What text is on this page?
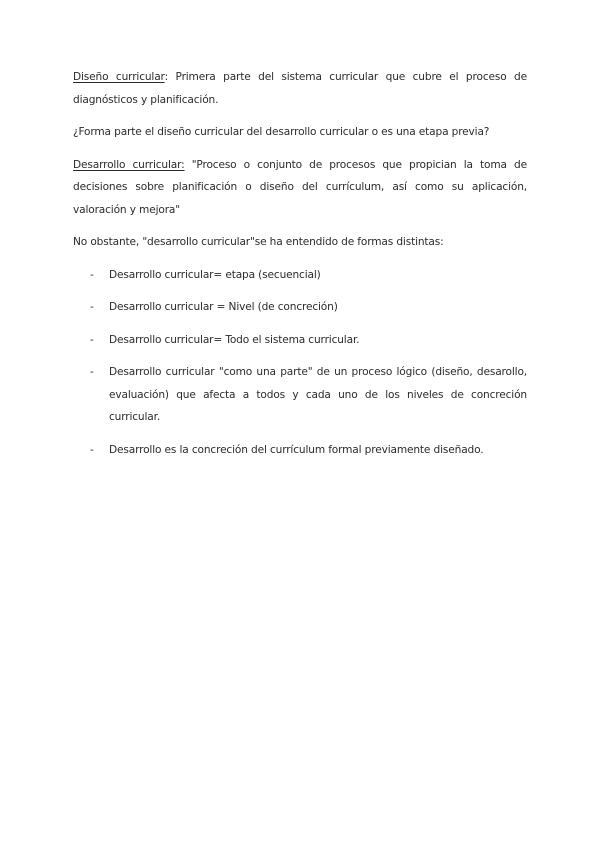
Diseño curricular: Primera parte del sistema curricular que cubre el proceso de diagnósticos y planificación.

¿Forma parte el diseño curricular del desarrollo curricular o es una etapa previa?

Desarrollo curricular: "Proceso o conjunto de procesos que propician la toma de decisiones sobre planificación o diseño del currículum, así como su aplicación, valoración y mejora"

No obstante, "desarrollo curricular"se ha entendido de formas distintas:

- Desarrollo curricular= etapa (secuencial)
- Desarrollo curricular = Nivel (de concreción)
- Desarrollo curricular= Todo el sistema curricular.
- Desarrollo curricular "como una parte" de un proceso lógico (diseño, desarollo, evaluación) que afecta a todos y cada uno de los niveles de concreción curricular.
- Desarrollo es la concreción del currículum formal previamente diseñado.
